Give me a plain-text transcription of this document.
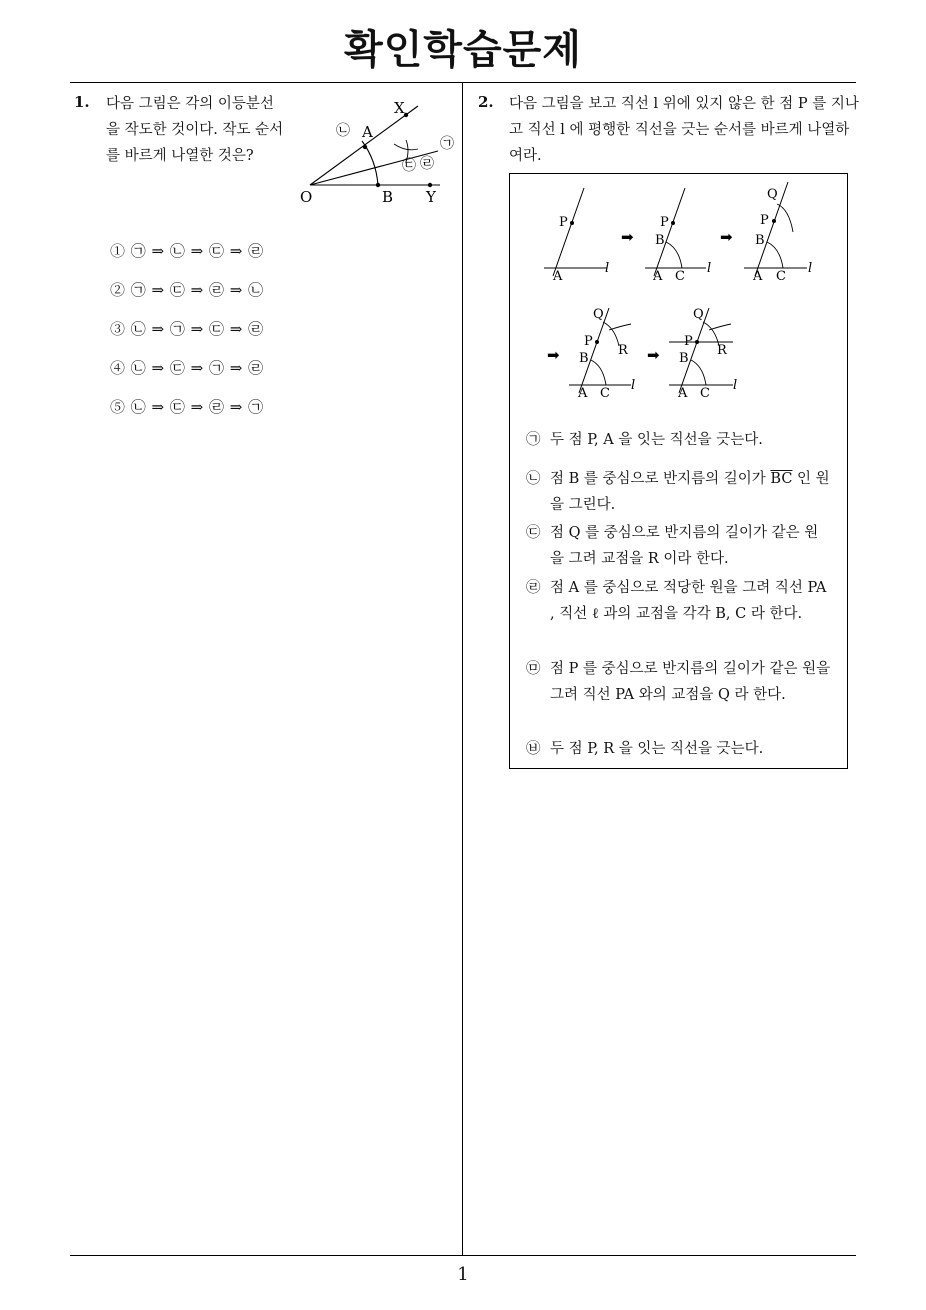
확인학습문제
1
1. 다음 그림은 각의 이등분선을 작도한 것이다. 작도 순서를 바르게 나열한 것은?
X
A
O	B Y
㉡
㉠
㉢ ㉣
① ㉠ ⇒ ㉡ ⇒ ㉢ ⇒ ㉣
② ㉠ ⇒ ㉢ ⇒ ㉣ ⇒ ㉡
③ ㉡ ⇒ ㉠ ⇒ ㉢ ⇒ ㉣
④ ㉡ ⇒ ㉢ ⇒ ㉠ ⇒ ㉣
⑤ ㉡ ⇒ ㉢ ⇒ ㉣ ⇒ ㉠
2. 다음 그림을 보고 직선 l 위에 있지 않은 한 점 P 를 지나고 직선 l 에 평행한 직선을 긋는 순서를 바르게 나열하여라.
P
A
l
➡
P
B
A C
l
➡
Q
P
B
A C
l
➡
Q
P
R
B
A C
l
➡
Q
P
R
B
A C
l
㉠ 두 점 P, A 을 잇는 직선을 긋는다.
㉡ 점 B 를 중심으로 반지름의 길이가 $\overline{BC}$ 인 원을 그린다.
㉢ 점 Q 를 중심으로 반지름의 길이가 같은 원을 그려 교점을 R 이라 한다.
㉣ 점 A 를 중심으로 적당한 원을 그려 직선 PA , 직선 ℓ 과의 교점을 각각 B, C 라 한다.
㉤ 점 P 를 중심으로 반지름의 길이가 같은 원을 그려 직선 PA 와의 교점을 Q 라 한다.
㉥ 두 점 P, R 을 잇는 직선을 긋는다.
